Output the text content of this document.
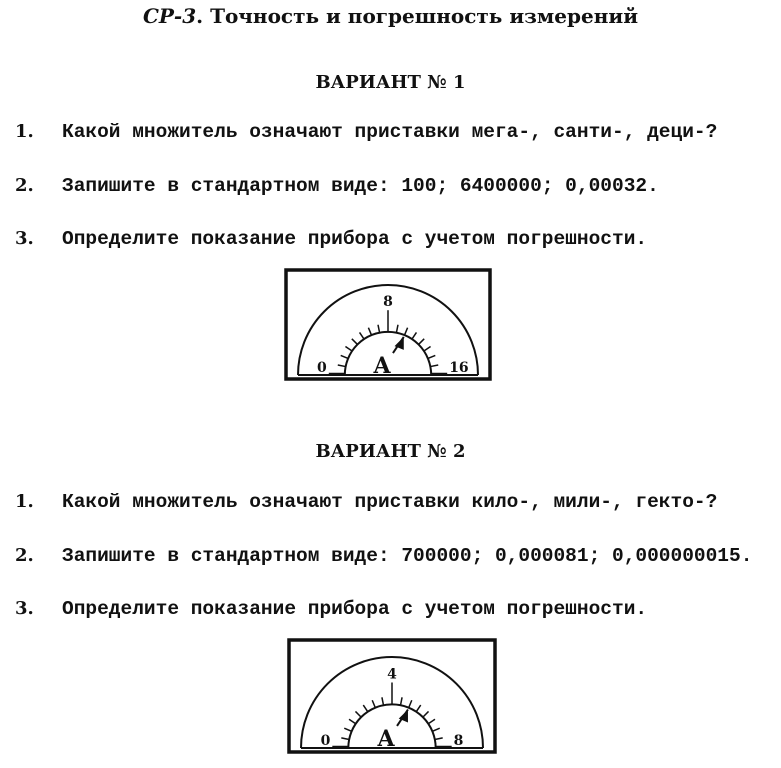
СР-3. Точность и погрешность измерений
ВАРИАНТ № 1
1. Какой множитель означают приставки мега-, санти-, деци-?
2. Запишите в стандартном виде: 100; 6400000; 0,00032.
3. Определите показание прибора с учетом погрешности.
8
0	16
A
ВАРИАНТ № 2
1. Какой множитель означают приставки кило-, мили-, гекто-?
2. Запишите в стандартном виде: 700000; 0,000081; 0,000000015.
3. Определите показание прибора с учетом погрешности.
4
0	8
A
